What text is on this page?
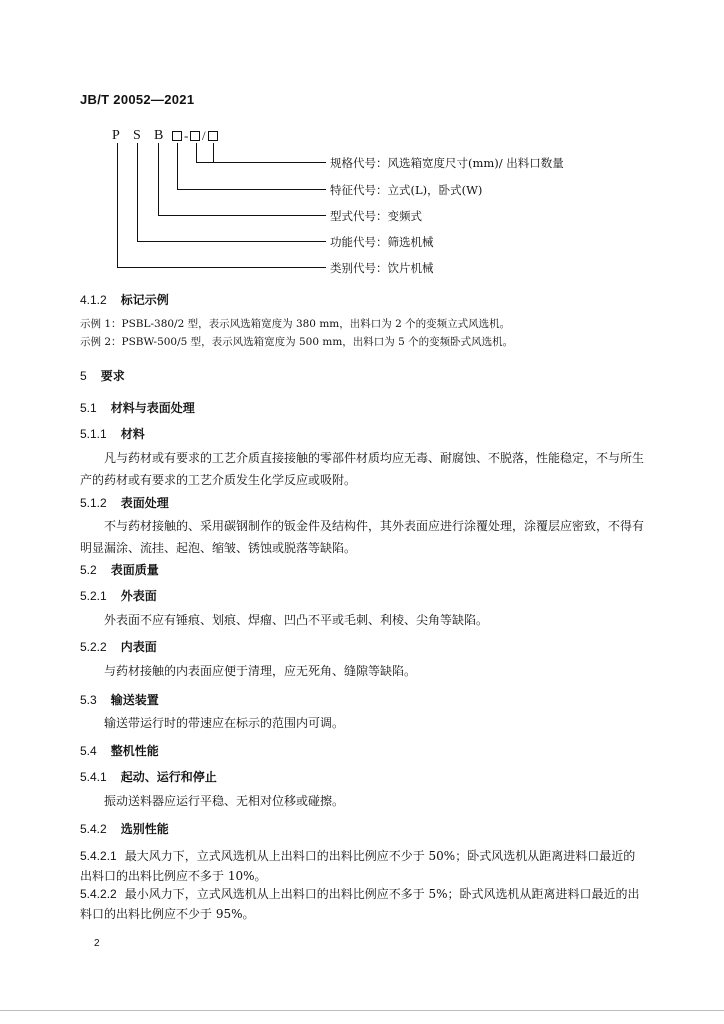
JB/T 20052—2021
P S B - /
规格代号：风选箱宽度尺寸(mm)/ 出料口数量
特征代号：立式(L)，卧式(W)
型式代号：变频式
功能代号：筛选机械
类别代号：饮片机械
4.1.2 标记示例
示例 1：PSBL-380/2 型，表示风选箱宽度为 380 mm，出料口为 2 个的变频立式风选机。
示例 2：PSBW-500/5 型，表示风选箱宽度为 500 mm，出料口为 5 个的变频卧式风选机。
5 要求
5.1 材料与表面处理
5.1.1 材料
凡与药材或有要求的工艺介质直接接触的零部件材质均应无毒、耐腐蚀、不脱落，性能稳定，不与所生产的药材或有要求的工艺介质发生化学反应或吸附。
5.1.2 表面处理
不与药材接触的、采用碳钢制作的钣金件及结构件，其外表面应进行涂覆处理，涂覆层应密致，不得有明显漏涂、流挂、起泡、缩皱、锈蚀或脱落等缺陷。
5.2 表面质量
5.2.1 外表面
外表面不应有锤痕、划痕、焊瘤、凹凸不平或毛刺、利棱、尖角等缺陷。
5.2.2 内表面
与药材接触的内表面应便于清理，应无死角、缝隙等缺陷。
5.3 输送装置
输送带运行时的带速应在标示的范围内可调。
5.4 整机性能
5.4.1 起动、运行和停止
振动送料器应运行平稳、无相对位移或碰擦。
5.4.2 选别性能
5.4.2.1 最大风力下，立式风选机从上出料口的出料比例应不少于 50%；卧式风选机从距离进料口最近的出料口的出料比例应不多于 10%。
5.4.2.2 最小风力下，立式风选机从上出料口的出料比例应不多于 5%；卧式风选机从距离进料口最近的出料口的出料比例应不少于 95%。
2
